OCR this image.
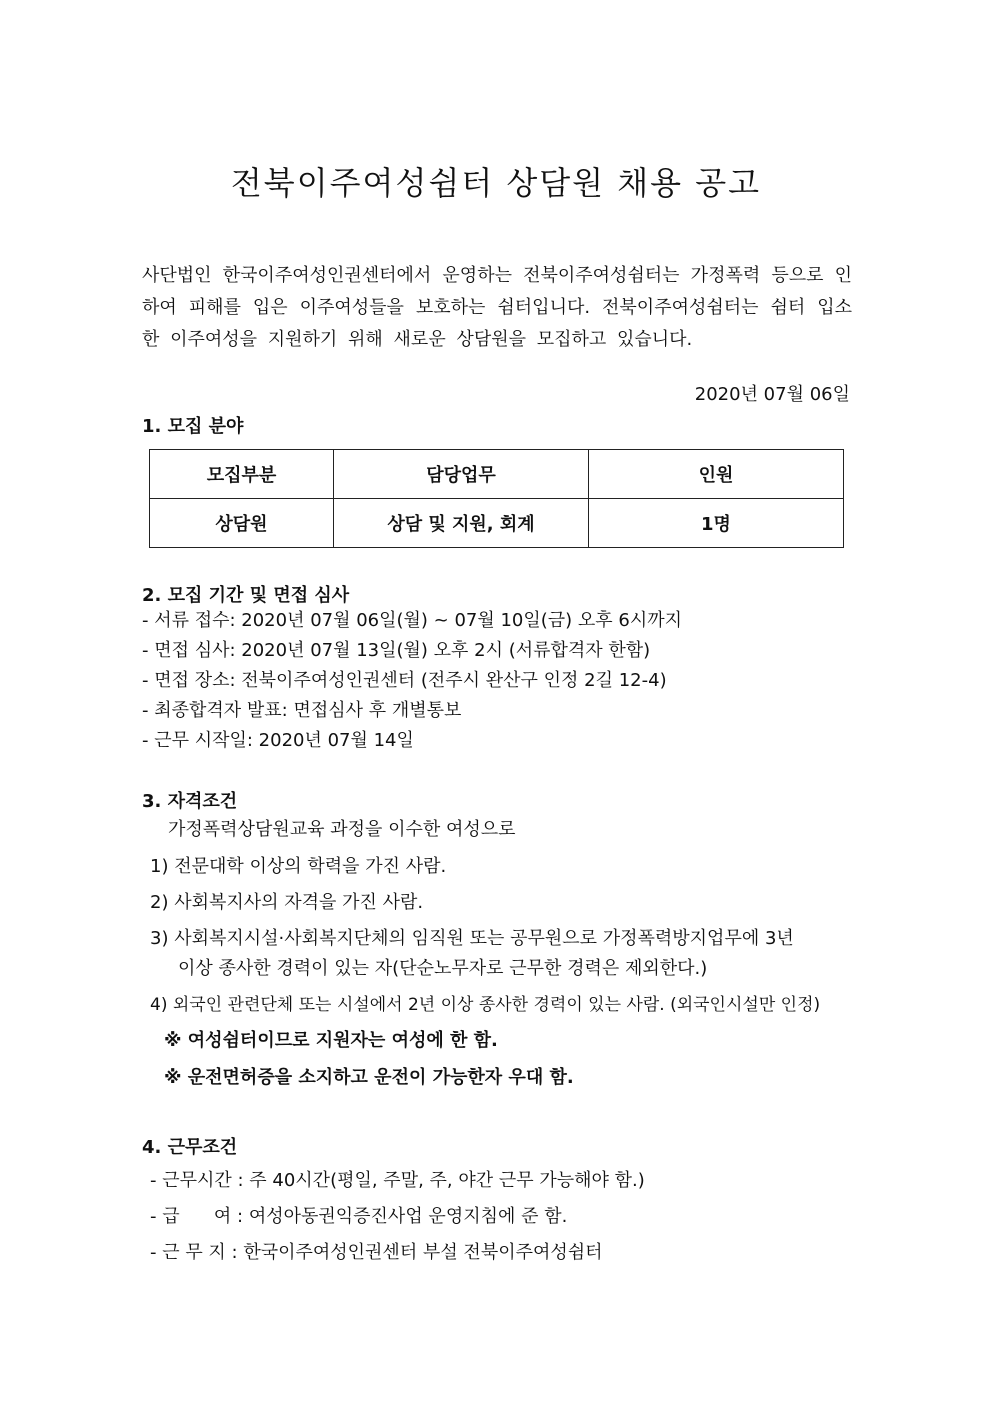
전북이주여성쉼터 상담원 채용 공고
사단법인 한국이주여성인권센터에서 운영하는 전북이주여성쉼터는 가정폭력 등으로 인하여 피해를 입은 이주여성들을 보호하는 쉼터입니다. 전북이주여성쉼터는 쉼터 입소한 이주여성을 지원하기 위해 새로운 상담원을 모집하고 있습니다.
2020년 07월 06일
1. 모집 분야
모집부분	담당업무	인원
상담원	상담 및 지원, 회계	1명
2. 모집 기간 및 면접 심사
- 서류 접수: 2020년 07월 06일(월) ~ 07월 10일(금) 오후 6시까지
- 면접 심사: 2020년 07월 13일(월) 오후 2시 (서류합격자 한함)
- 면접 장소: 전북이주여성인권센터 (전주시 완산구 인정 2길 12-4)
- 최종합격자 발표: 면접심사 후 개별통보
- 근무 시작일: 2020년 07월 14일
3. 자격조건
가정폭력상담원교육 과정을 이수한 여성으로
1) 전문대학 이상의 학력을 가진 사람.
2) 사회복지사의 자격을 가진 사람.
3) 사회복지시설·사회복지단체의 임직원 또는 공무원으로 가정폭력방지업무에 3년
이상 종사한 경력이 있는 자(단순노무자로 근무한 경력은 제외한다.)
4) 외국인 관련단체 또는 시설에서 2년 이상 종사한 경력이 있는 사람. (외국인시설만 인정)
※ 여성쉼터이므로 지원자는 여성에 한 함.
※ 운전면허증을 소지하고 운전이 가능한자 우대 함.
4. 근무조건
- 근무시간 : 주 40시간(평일, 주말, 주, 야간 근무 가능해야 함.)
- 급      여 : 여성아동권익증진사업 운영지침에 준 함.
- 근 무 지 : 한국이주여성인권센터 부설 전북이주여성쉼터
